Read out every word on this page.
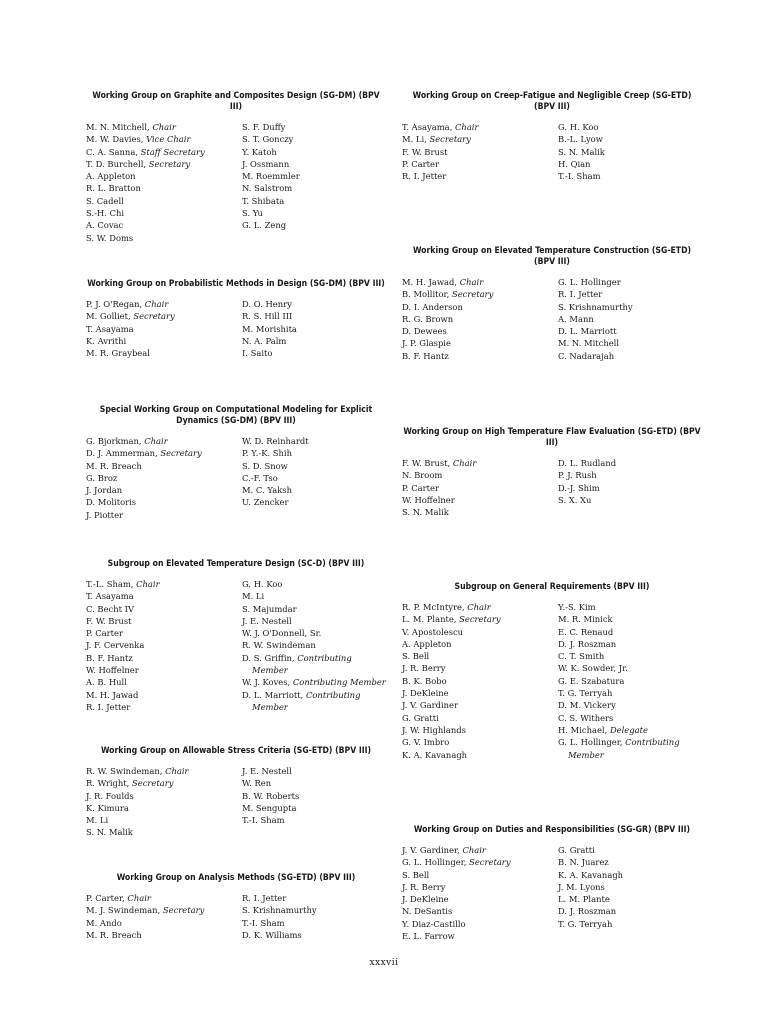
Working Group on Graphite and Composites Design (SG-DM) (BPV III)
M. N. Mitchell, Chair
M. W. Davies, Vice Chair
C. A. Sanna, Staff Secretary
T. D. Burchell, Secretary
A. Appleton
R. L. Bratton
S. Cadell
S.-H. Chi
A. Covac
S. W. Doms
S. F. Duffy
S. T. Gonczy
Y. Katoh
J. Ossmann
M. Roemmler
N. Salstrom
T. Shibata
S. Yu
G. L. Zeng
Working Group on Probabilistic Methods in Design (SG-DM) (BPV III)
P. J. O'Regan, Chair
M. Golliet, Secretary
T. Asayama
K. Avrithi
M. R. Graybeal
D. O. Henry
R. S. Hill III
M. Morishita
N. A. Palm
I. Saito
Special Working Group on Computational Modeling for Explicit Dynamics (SG-DM) (BPV III)
G. Bjorkman, Chair
D. J. Ammerman, Secretary
M. R. Breach
G. Broz
J. Jordan
D. Molitoris
J. Piotter
W. D. Reinhardt
P. Y.-K. Shih
S. D. Snow
C.-F. Tso
M. C. Yaksh
U. Zencker
Subgroup on Elevated Temperature Design (SC-D) (BPV III)
T.-L. Sham, Chair
T. Asayama
C. Becht IV
F. W. Brust
P. Carter
J. F. Cervenka
B. F. Hantz
W. Hoffelner
A. B. Hull
M. H. Jawad
R. I. Jetter
G. H. Koo
M. Li
S. Majumdar
J. E. Nestell
W. J. O'Donnell, Sr.
R. W. Swindeman
D. S. Griffin, Contributing Member
W. J. Koves, Contributing Member
D. L. Marriott, Contributing Member
Working Group on Allowable Stress Criteria (SG-ETD) (BPV III)
R. W. Swindeman, Chair
R. Wright, Secretary
J. R. Foulds
K. Kimura
M. Li
S. N. Malik
J. E. Nestell
W. Ren
B. W. Roberts
M. Sengupta
T.-I. Sham
Working Group on Analysis Methods (SG-ETD) (BPV III)
P. Carter, Chair
M. J. Swindeman, Secretary
M. Ando
M. R. Breach
R. I. Jetter
S. Krishnamurthy
T.-I. Sham
D. K. Williams
Working Group on Creep-Fatigue and Negligible Creep (SG-ETD) (BPV III)
T. Asayama, Chair
M. Li, Secretary
F. W. Brust
P. Carter
R. I. Jetter
G. H. Koo
B.-L. Lyow
S. N. Malik
H. Qian
T.-I. Sham
Working Group on Elevated Temperature Construction (SG-ETD) (BPV III)
M. H. Jawad, Chair
B. Mollitor, Secretary
D. I. Anderson
R. G. Brown
D. Dewees
J. P. Glaspie
B. F. Hantz
G. L. Hollinger
R. I. Jetter
S. Krishnamurthy
A. Mann
D. L. Marriott
M. N. Mitchell
C. Nadarajah
Working Group on High Temperature Flaw Evaluation (SG-ETD) (BPV III)
F. W. Brust, Chair
N. Broom
P. Carter
W. Hoffelner
S. N. Malik
D. L. Rudland
P. J. Rush
D.-J. Shim
S. X. Xu
Subgroup on General Requirements (BPV III)
R. P. McIntyre, Chair
L. M. Plante, Secretary
V. Apostolescu
A. Appleton
S. Bell
J. R. Berry
B. K. Bobo
J. DeKleine
J. V. Gardiner
G. Gratti
J. W. Highlands
G. V. Imbro
K. A. Kavanagh
Y.-S. Kim
M. R. Minick
E. C. Renaud
D. J. Roszman
C. T. Smith
W. K. Sowder, Jr.
G. E. Szabatura
T. G. Terryah
D. M. Vickery
C. S. Withers
H. Michael, Delegate
G. L. Hollinger, Contributing Member
Working Group on Duties and Responsibilities (SG-GR) (BPV III)
J. V. Gardiner, Chair
G. L. Hollinger, Secretary
S. Bell
J. R. Berry
J. DeKleine
N. DeSantis
Y. Diaz-Castillo
E. L. Farrow
G. Gratti
B. N. Juarez
K. A. Kavanagh
J. M. Lyons
L. M. Plante
D. J. Roszman
T. G. Terryah
xxxvii
